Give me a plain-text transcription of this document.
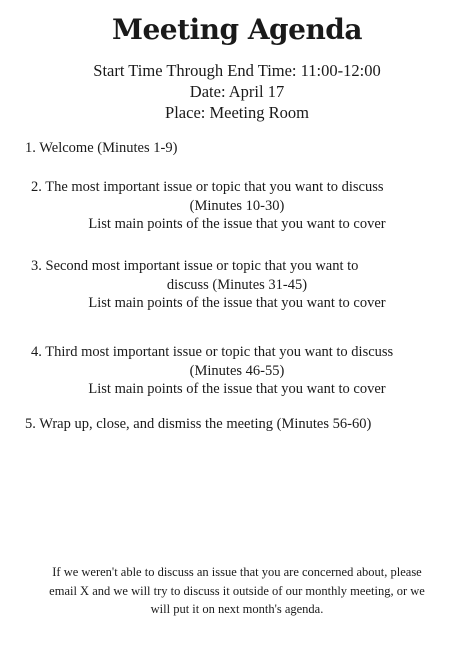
Meeting Agenda
Start Time Through End Time: 11:00-12:00
Date: April 17
Place: Meeting Room
1. Welcome (Minutes 1-9)
2. The most important issue or topic that you want to discuss
(Minutes 10-30)
List main points of the issue that you want to cover
3. Second most important issue or topic that you want to
discuss (Minutes 31-45)
List main points of the issue that you want to cover
4. Third most important issue or topic that you want to discuss
(Minutes 46-55)
List main points of the issue that you want to cover
5. Wrap up, close, and dismiss the meeting (Minutes 56-60)
If we weren't able to discuss an issue that you are concerned about, please
email X and we will try to discuss it outside of our monthly meeting, or we
will put it on next month's agenda.
